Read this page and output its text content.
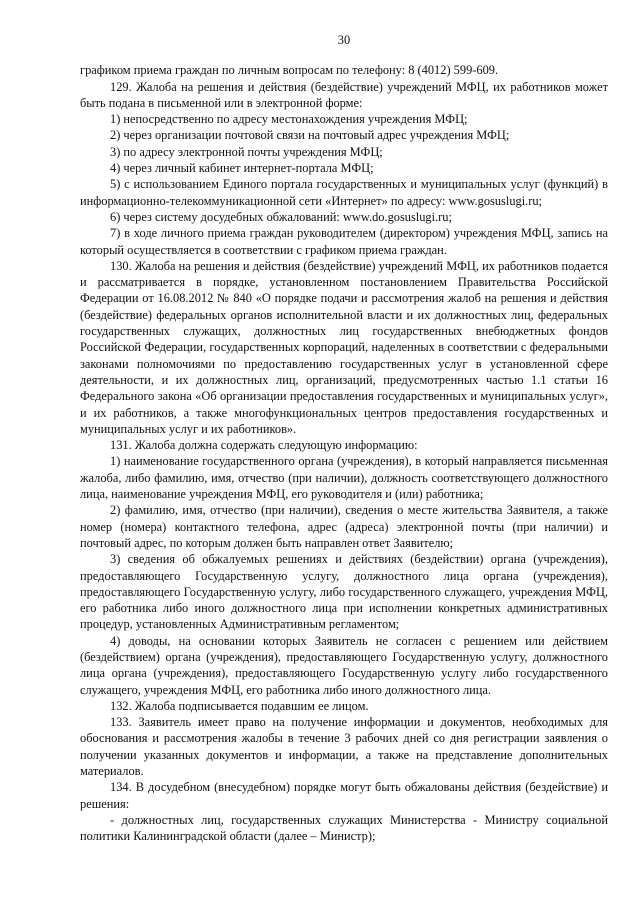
30

графиком приема граждан по личным вопросам по телефону: 8 (4012) 599-609.

129. Жалоба на решения и действия (бездействие) учреждений МФЦ, их работников может быть подана в письменной или в электронной форме:

1) непосредственно по адресу местонахождения учреждения МФЦ;

2) через организации почтовой связи на почтовый адрес учреждения МФЦ;

3) по адресу электронной почты учреждения МФЦ;

4) через личный кабинет интернет-портала МФЦ;

5) с использованием Единого портала государственных и муниципальных услуг (функций) в информационно-телекоммуникационной сети «Интернет» по адресу: www.gosuslugi.ru;

6) через систему досудебных обжалований: www.do.gosuslugi.ru;

7) в ходе личного приема граждан руководителем (директором) учреждения МФЦ, запись на который осуществляется в соответствии с графиком приема граждан.

130. Жалоба на решения и действия (бездействие) учреждений МФЦ, их работников подается и рассматривается в порядке, установленном постановлением Правительства Российской Федерации от 16.08.2012 № 840 «О порядке подачи и рассмотрения жалоб на решения и действия (бездействие) федеральных органов исполнительной власти и их должностных лиц, федеральных государственных служащих, должностных лиц государственных внебюджетных фондов Российской Федерации, государственных корпораций, наделенных в соответствии с федеральными законами полномочиями по предоставлению государственных услуг в установленной сфере деятельности, и их должностных лиц, организаций, предусмотренных частью 1.1 статьи 16 Федерального закона «Об организации предоставления государственных и муниципальных услуг», и их работников, а также многофункциональных центров предоставления государственных и муниципальных услуг и их работников».

131. Жалоба должна содержать следующую информацию:

1) наименование государственного органа (учреждения), в который направляется письменная жалоба, либо фамилию, имя, отчество (при наличии), должность соответствующего должностного лица, наименование учреждения МФЦ, его руководителя и (или) работника;

2) фамилию, имя, отчество (при наличии), сведения о месте жительства Заявителя, а также номер (номера) контактного телефона, адрес (адреса) электронной почты (при наличии) и почтовый адрес, по которым должен быть направлен ответ Заявителю;

3) сведения об обжалуемых решениях и действиях (бездействии) органа (учреждения), предоставляющего Государственную услугу, должностного лица органа (учреждения), предоставляющего Государственную услугу, либо государственного служащего, учреждения МФЦ, его работника либо иного должностного лица при исполнении конкретных административных процедур, установленных Административным регламентом;

4) доводы, на основании которых Заявитель не согласен с решением или действием (бездействием) органа (учреждения), предоставляющего Государственную услугу, должностного лица органа (учреждения), предоставляющего Государственную услугу либо государственного служащего, учреждения МФЦ, его работника либо иного должностного лица.

132. Жалоба подписывается подавшим ее лицом.

133. Заявитель имеет право на получение информации и документов, необходимых для обоснования и рассмотрения жалобы в течение 3 рабочих дней со дня регистрации заявления о получении указанных документов и информации, а также на представление дополнительных материалов.

134. В досудебном (внесудебном) порядке могут быть обжалованы действия (бездействие) и решения:

- должностных лиц, государственных служащих Министерства - Министру социальной политики Калининградской области (далее – Министр);
